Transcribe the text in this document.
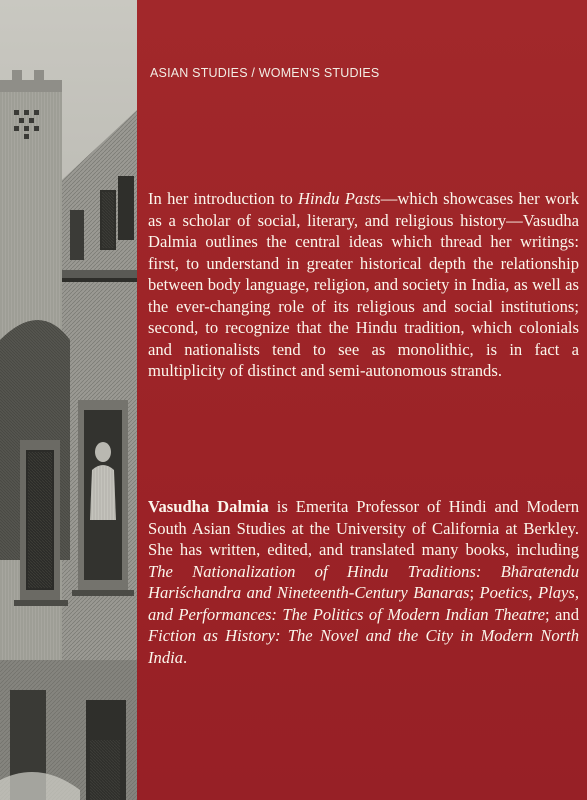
ASIAN STUDIES / WOMEN'S STUDIES

In her introduction to Hindu Pasts—which showcases her work as a scholar of social, literary, and religious history—Vasudha Dalmia outlines the central ideas which thread her writings: first, to understand in greater historical depth the relationship between body language, religion, and society in India, as well as the ever-changing role of its religious and social institutions; second, to recognize that the Hindu tradition, which colonials and nationalists tend to see as monolithic, is in fact a multiplicity of distinct and semi-autonomous strands.

Vasudha Dalmia is Emerita Professor of Hindi and Modern South Asian Studies at the University of California at Berkley. She has written, edited, and translated many books, including The Nationalization of Hindu Traditions: Bhāratendu Hariśchandra and Nineteenth-Century Banaras; Poetics, Plays, and Performances: The Politics of Modern Indian Theatre; and Fiction as History: The Novel and the City in Modern North India.
